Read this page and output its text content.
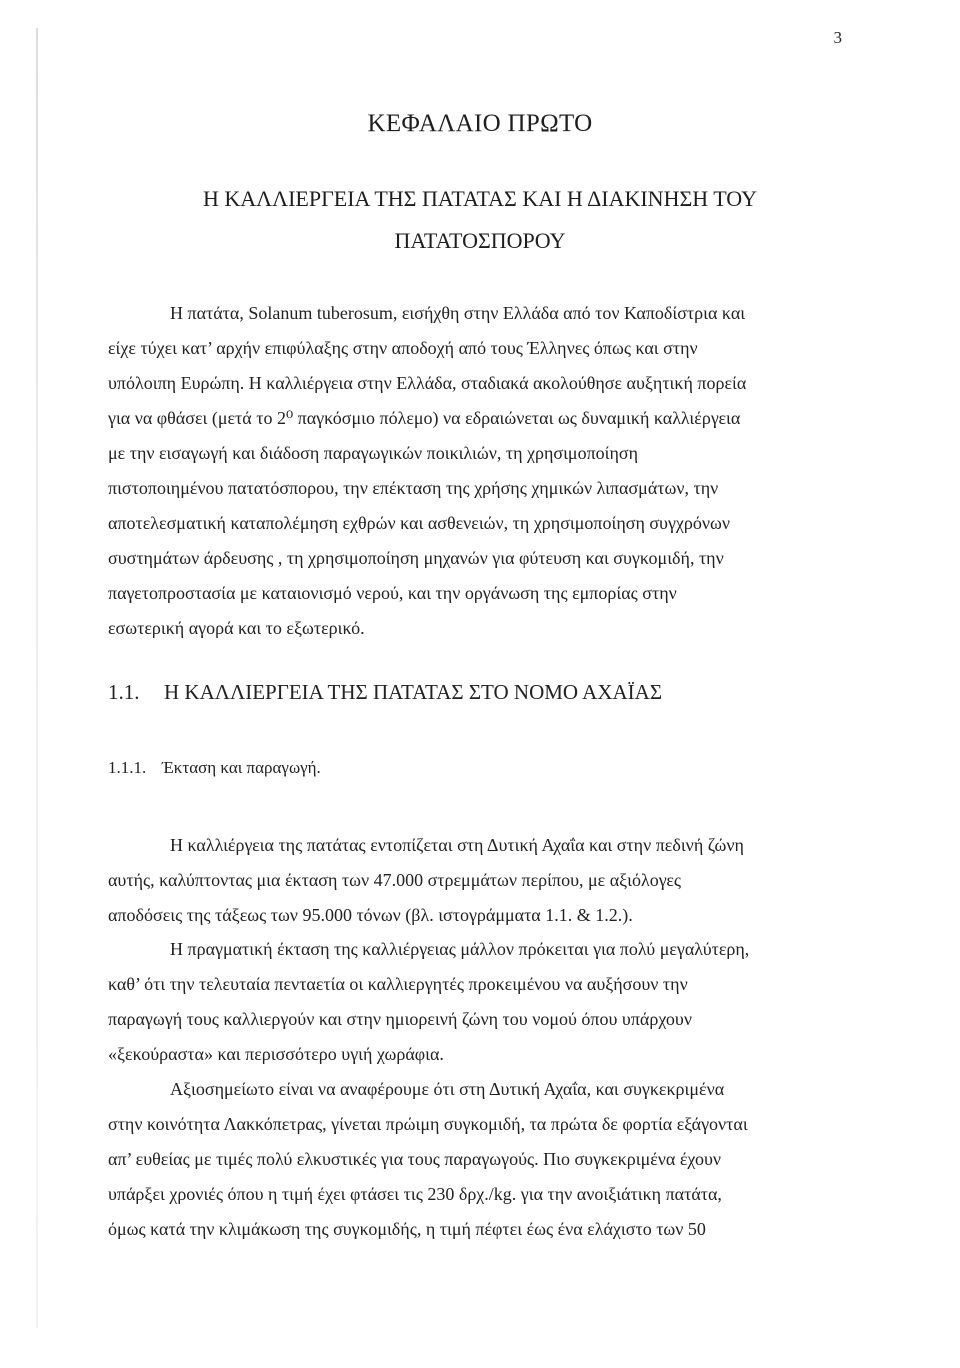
3
ΚΕΦΑΛΑΙΟ ΠΡΩΤΟ
Η ΚΑΛΛΙΕΡΓΕΙΑ ΤΗΣ ΠΑΤΑΤΑΣ ΚΑΙ Η ΔΙΑΚΙΝΗΣΗ ΤΟΥ
ΠΑΤΑΤΟΣΠΟΡΟΥ
Η πατάτα, Solanum tuberosum, εισήχθη στην Ελλάδα από τον Καποδίστρια και
είχε τύχει κατ’ αρχήν επιφύλαξης στην αποδοχή από τους Έλληνες όπως και στην
υπόλοιπη Ευρώπη. Η καλλιέργεια στην Ελλάδα, σταδιακά ακολούθησε αυξητική πορεία
για να φθάσει (μετά το 2⁰ παγκόσμιο πόλεμο) να εδραιώνεται ως δυναμική καλλιέργεια
με την εισαγωγή και διάδοση παραγωγικών ποικιλιών, τη χρησιμοποίηση
πιστοποιημένου πατατόσπορου, την επέκταση της χρήσης χημικών λιπασμάτων, την
αποτελεσματική καταπολέμηση εχθρών και ασθενειών, τη χρησιμοποίηση συγχρόνων
συστημάτων άρδευσης , τη χρησιμοποίηση μηχανών για φύτευση και συγκομιδή, την
παγετοπροστασία με καταιονισμό νερού, και την οργάνωση της εμπορίας στην
εσωτερική αγορά και το εξωτερικό.
1.1. Η ΚΑΛΛΙΕΡΓΕΙΑ ΤΗΣ ΠΑΤΑΤΑΣ ΣΤΟ ΝΟΜΟ ΑΧΑΪΑΣ
1.1.1. Έκταση και παραγωγή.
Η καλλιέργεια της πατάτας εντοπίζεται στη Δυτική Αχαΐα και στην πεδινή ζώνη
αυτής, καλύπτοντας μια έκταση των 47.000 στρεμμάτων περίπου, με αξιόλογες
αποδόσεις της τάξεως των 95.000 τόνων (βλ. ιστογράμματα 1.1. & 1.2.).
Η πραγματική έκταση της καλλιέργειας μάλλον πρόκειται για πολύ μεγαλύτερη,
καθ’ ότι την τελευταία πενταετία οι καλλιεργητές προκειμένου να αυξήσουν την
παραγωγή τους καλλιεργούν και στην ημιορεινή ζώνη του νομού όπου υπάρχουν
«ξεκούραστα» και περισσότερο υγιή χωράφια.
Αξιοσημείωτο είναι να αναφέρουμε ότι στη Δυτική Αχαΐα, και συγκεκριμένα
στην κοινότητα Λακκόπετρας, γίνεται πρώιμη συγκομιδή, τα πρώτα δε φορτία εξάγονται
απ’ ευθείας με τιμές πολύ ελκυστικές για τους παραγωγούς. Πιο συγκεκριμένα έχουν
υπάρξει χρονιές όπου η τιμή έχει φτάσει τις 230 δρχ./kg. για την ανοιξιάτικη πατάτα,
όμως κατά την κλιμάκωση της συγκομιδής, η τιμή πέφτει έως ένα ελάχιστο των 50
